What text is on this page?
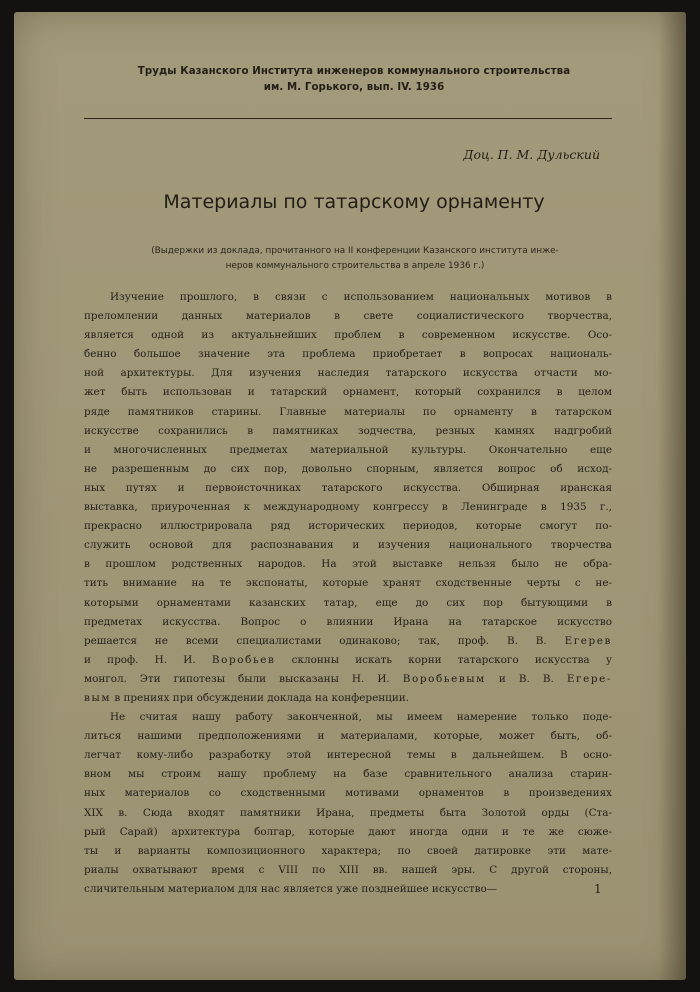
Труды Казанского Института инженеров коммунального строительства
им. М. Горького, вып. IV. 1936
Доц. П. М. Дульский
Материалы по татарскому орнаменту
(Выдержки из доклада, прочитанного на II конференции Казанского института инже-
неров коммунального строительства в апреле 1936 г.)
Изучение прошлого, в связи с использованием национальных мотивов в
преломлении данных материалов в свете социалистического творчества,
является одной из актуальнейших проблем в современном искусстве. Осо-
бенно большое значение эта проблема приобретает в вопросах националь-
ной архитектуры. Для изучения наследия татарского искусства отчасти мо-
жет быть использован и татарский орнамент, который сохранился в целом
ряде памятников старины. Главные материалы по орнаменту в татарском
искусстве сохранились в памятниках зодчества, резных камнях надгробий
и многочисленных предметах материальной культуры. Окончательно еще
не разрешенным до сих пор, довольно спорным, является вопрос об исход-
ных путях и первоисточниках татарского искусства. Обширная иранская
выставка, приуроченная к международному конгрессу в Ленинграде в 1935 г.,
прекрасно иллюстрировала ряд исторических периодов, которые смогут по-
служить основой для распознавания и изучения национального творчества
в прошлом родственных народов. На этой выставке нельзя было не обра-
тить внимание на те экспонаты, которые хранят сходственные черты с не-
которыми орнаментами казанских татар, еще до сих пор бытующими в
предметах искусства. Вопрос о влиянии Ирана на татарское искусство
решается не всеми специалистами одинаково; так, проф. В. В. Егерев
и проф. Н. И. Воробьев склонны искать корни татарского искусства у
монгол. Эти гипотезы были высказаны Н. И. Воробьевым и В. В. Егере-
вым в прениях при обсуждении доклада на конференции.
Не считая нашу работу законченной, мы имеем намерение только поде-
литься нашими предположениями и материалами, которые, может быть, об-
легчат кому-либо разработку этой интересной темы в дальнейшем. В осно-
вном мы строим нашу проблему на базе сравнительного анализа старин-
ных материалов со сходственными мотивами орнаментов в произведениях
XIX в. Сюда входят памятники Ирана, предметы быта Золотой орды (Ста-
рый Сарай) архитектура болгар, которые дают иногда одни и те же сюже-
ты и варианты композиционного характера; по своей датировке эти мате-
риалы охватывают время с VIII по XIII вв. нашей эры. С другой стороны,
сличительным материалом для нас является уже позднейшее искусство—	1
